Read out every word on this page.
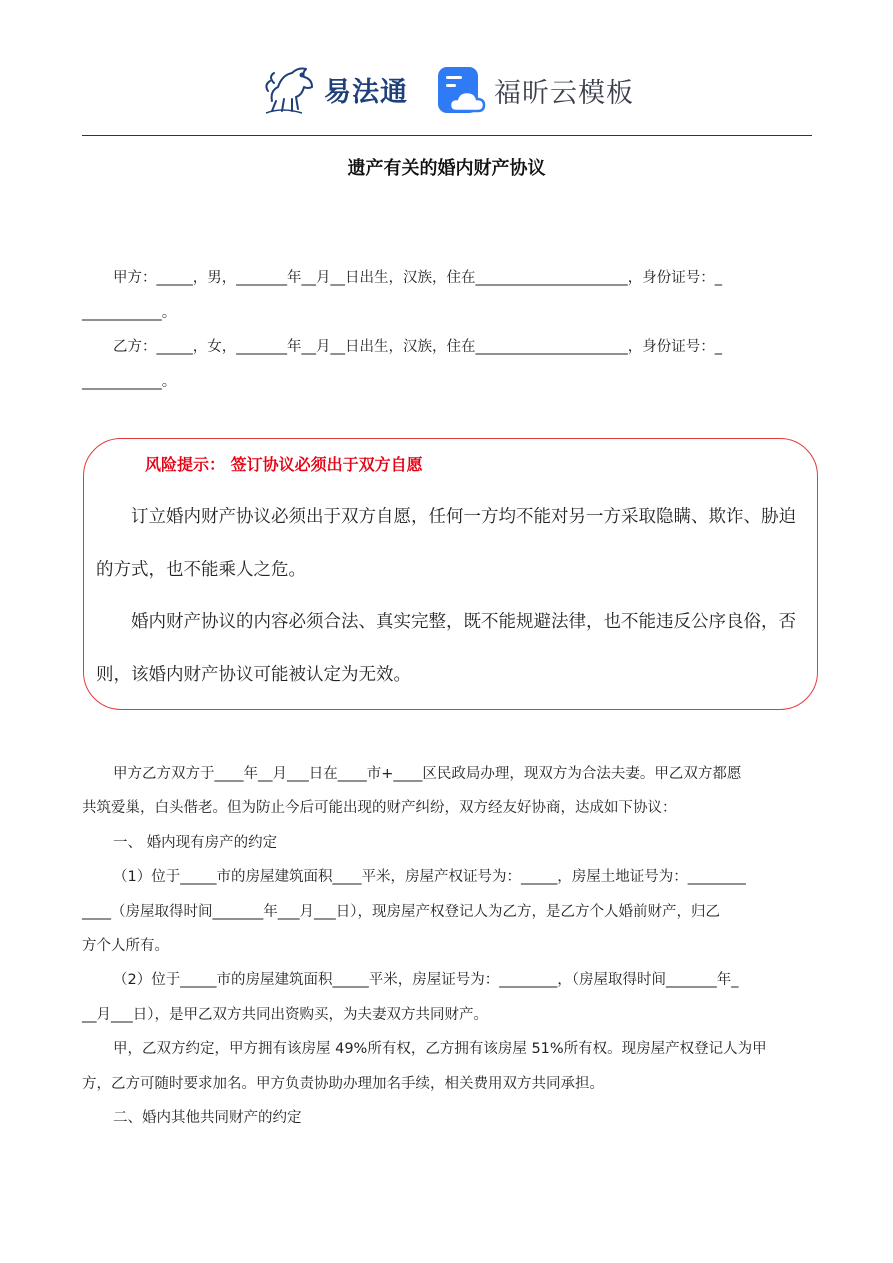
易法通	福昕云模板
遗产有关的婚内财产协议
甲方：_____，男，_______年__月__日出生，汉族，住在_____________________，身份证号：_
___________。
乙方：_____，女，_______年__月__日出生，汉族，住在_____________________，身份证号：_
___________。
风险提示： 签订协议必须出于双方自愿
订立婚内财产协议必须出于双方自愿，任何一方均不能对另一方采取隐瞒、欺诈、胁迫
的方式，也不能乘人之危。
婚内财产协议的内容必须合法、真实完整，既不能规避法律，也不能违反公序良俗，否
则，该婚内财产协议可能被认定为无效。
甲方乙方双方于____年__月___日在____市+____区民政局办理，现双方为合法夫妻。甲乙双方都愿
共筑爱巢，白头偕老。但为防止今后可能出现的财产纠纷，双方经友好协商，达成如下协议：
一、 婚内现有房产的约定
（1）位于_____市的房屋建筑面积____平米，房屋产权证号为：_____，房屋土地证号为：________
____（房屋取得时间_______年___月___日），现房屋产权登记人为乙方，是乙方个人婚前财产，归乙
方个人所有。
（2）位于_____市的房屋建筑面积_____平米，房屋证号为：________，（房屋取得时间_______年_
__月___日），是甲乙双方共同出资购买，为夫妻双方共同财产。
甲，乙双方约定，甲方拥有该房屋 49%所有权，乙方拥有该房屋 51%所有权。现房屋产权登记人为甲
方，乙方可随时要求加名。甲方负责协助办理加名手续，相关费用双方共同承担。
二、婚内其他共同财产的约定
